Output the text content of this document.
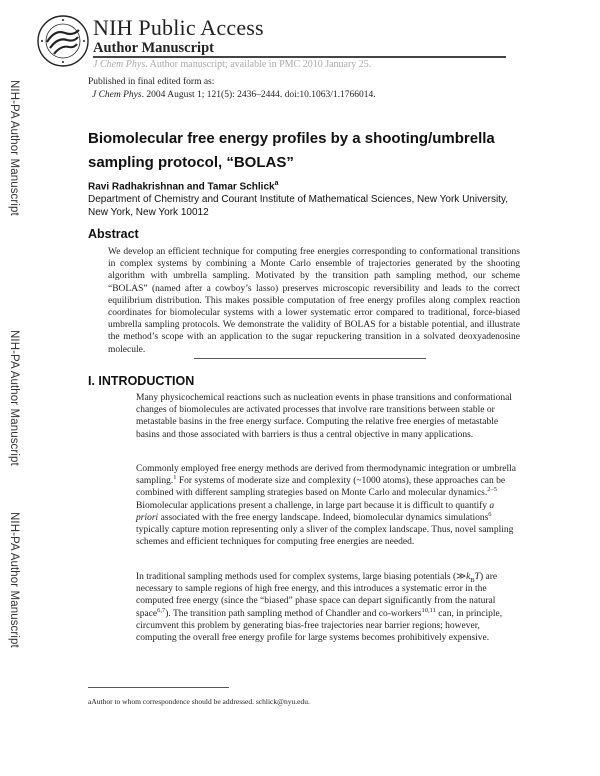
NIH-PA Author Manuscript
NIH-PA Author Manuscript
NIH-PA Author Manuscript
NIH Public Access
Author Manuscript
J Chem Phys. Author manuscript; available in PMC 2010 January 25.
Published in final edited form as:
J Chem Phys. 2004 August 1; 121(5): 2436–2444. doi:10.1063/1.1766014.
Biomolecular free energy profiles by a shooting/umbrella sampling protocol, “BOLAS”
Ravi Radhakrishnan and Tamar Schlick$^a$
Department of Chemistry and Courant Institute of Mathematical Sciences, New York University, New York, New York 10012
Abstract
We develop an efficient technique for computing free energies corresponding to conformational transitions in complex systems by combining a Monte Carlo ensemble of trajectories generated by the shooting algorithm with umbrella sampling. Motivated by the transition path sampling method, our scheme “BOLAS” (named after a cowboy’s lasso) preserves microscopic reversibility and leads to the correct equilibrium distribution. This makes possible computation of free energy profiles along complex reaction coordinates for biomolecular systems with a lower systematic error compared to traditional, force-biased umbrella sampling protocols. We demonstrate the validity of BOLAS for a bistable potential, and illustrate the method’s scope with an application to the sugar repuckering transition in a solvated deoxyadenosine molecule.
I. INTRODUCTION
Many physicochemical reactions such as nucleation events in phase transitions and conformational changes of biomolecules are activated processes that involve rare transitions between stable or metastable basins in the free energy surface. Computing the relative free energies of metastable basins and those associated with barriers is thus a central objective in many applications.
Commonly employed free energy methods are derived from thermodynamic integration or umbrella sampling.$^1$ For systems of moderate size and complexity (~1000 atoms), these approaches can be combined with different sampling strategies based on Monte Carlo and molecular dynamics.$^{2-5}$ Biomolecular applications present a challenge, in large part because it is difficult to quantify a priori associated with the free energy landscape. Indeed, biomolecular dynamics simulations$^6$ typically capture motion representing only a sliver of the complex landscape. Thus, novel sampling schemes and efficient techniques for computing free energies are needed.
In traditional sampling methods used for complex systems, large biasing potentials $(≫k_BT)$ are necessary to sample regions of high free energy, and this introduces a systematic error in the computed free energy (since the “biased” phase space can depart significantly from the natural space$^{6,7}$). The transition path sampling method of Chandler and co-workers$^{10,11}$ can, in principle, circumvent this problem by generating bias-free trajectories near barrier regions; however, computing the overall free energy profile for large systems becomes prohibitively expensive.
aAuthor to whom correspondence should be addressed. schlick@nyu.edu.
